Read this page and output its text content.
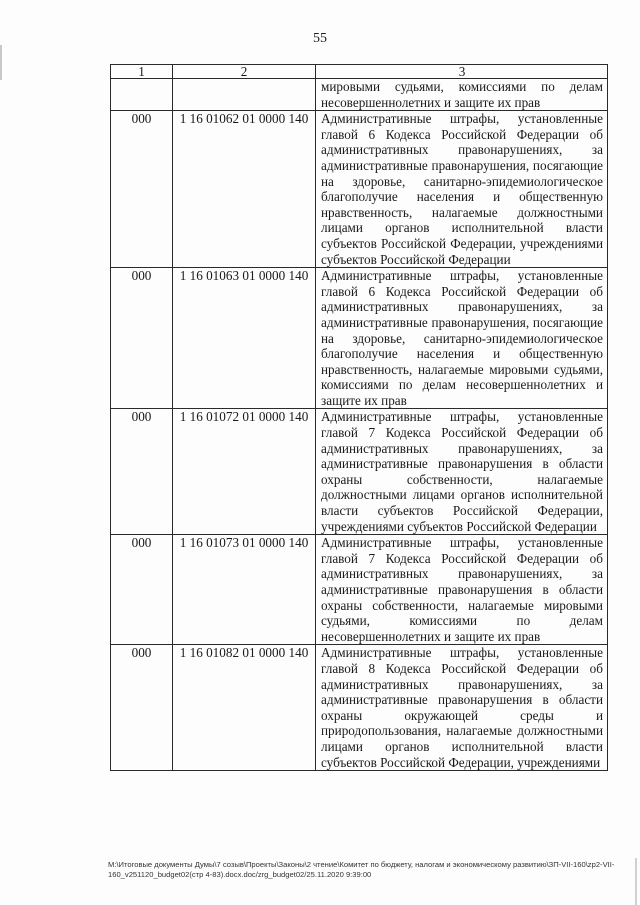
55
1	2	3
		мировыми судьями, комиссиями по делам несовершеннолетних и защите их прав
000	1 16 01062 01 0000 140	Административные штрафы, установленные главой 6 Кодекса Российской Федерации об административных правонарушениях, за административные правонарушения, посягающие на здоровье, санитарно-эпидемиологическое благополучие населения и общественную нравственность, налагаемые должностными лицами органов исполнительной власти субъектов Российской Федерации, учреждениями субъектов Российской Федерации
000	1 16 01063 01 0000 140	Административные штрафы, установленные главой 6 Кодекса Российской Федерации об административных правонарушениях, за административные правонарушения, посягающие на здоровье, санитарно-эпидемиологическое благополучие населения и общественную нравственность, налагаемые мировыми судьями, комиссиями по делам несовершеннолетних и защите их прав
000	1 16 01072 01 0000 140	Административные штрафы, установленные главой 7 Кодекса Российской Федерации об административных правонарушениях, за административные правонарушения в области охраны собственности, налагаемые должностными лицами органов исполнительной власти субъектов Российской Федерации, учреждениями субъектов Российской Федерации
000	1 16 01073 01 0000 140	Административные штрафы, установленные главой 7 Кодекса Российской Федерации об административных правонарушениях, за административные правонарушения в области охраны собственности, налагаемые мировыми судьями, комиссиями по делам несовершеннолетних и защите их прав
000	1 16 01082 01 0000 140	Административные штрафы, установленные главой 8 Кодекса Российской Федерации об административных правонарушениях, за административные правонарушения в области охраны окружающей среды и природопользования, налагаемые должностными лицами органов исполнительной власти субъектов Российской Федерации, учреждениями
M:\Итоговые документы Думы\7 созыв\Проекты\Законы\2 чтение\Комитет по бюджету, налогам и экономическому развитию\ЗП-VII-160\zp2-VII-160_v251120_budget02(стр 4-83).docx.doc/zrg_budget02/25.11.2020 9:39:00
